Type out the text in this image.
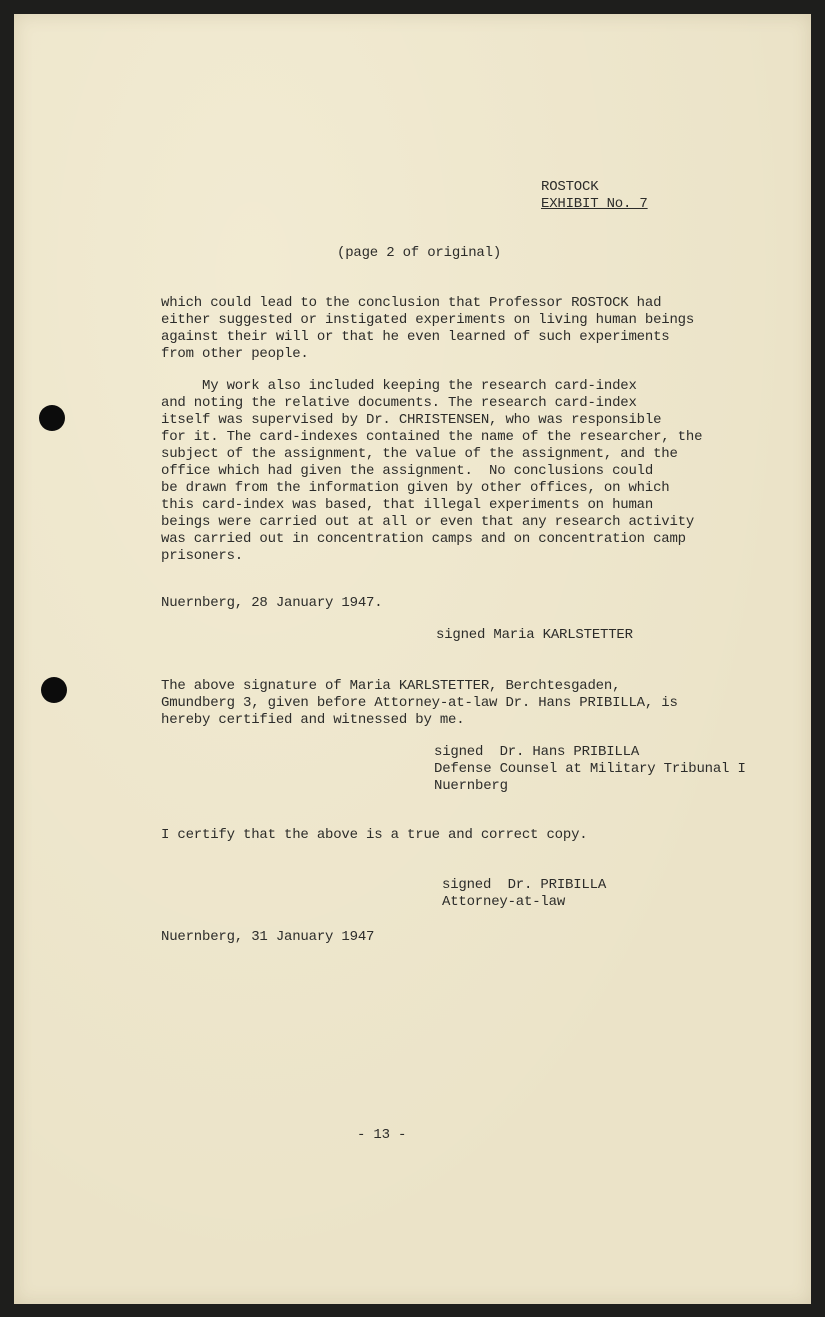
ROSTOCK
EXHIBIT No. 7
(page 2 of original)
which could lead to the conclusion that Professor ROSTOCK had
either suggested or instigated experiments on living human beings
against their will or that he even learned of such experiments
from other people.
My work also included keeping the research card-index
and noting the relative documents. The research card-index
itself was supervised by Dr. CHRISTENSEN, who was responsible
for it. The card-indexes contained the name of the researcher, the
subject of the assignment, the value of the assignment, and the
office which had given the assignment.  No conclusions could
be drawn from the information given by other offices, on which
this card-index was based, that illegal experiments on human
beings were carried out at all or even that any research activity
was carried out in concentration camps and on concentration camp
prisoners.
Nuernberg, 28 January 1947.
signed Maria KARLSTETTER
The above signature of Maria KARLSTETTER, Berchtesgaden,
Gmundberg 3, given before Attorney-at-law Dr. Hans PRIBILLA, is
hereby certified and witnessed by me.
signed  Dr. Hans PRIBILLA
Defense Counsel at Military Tribunal I
Nuernberg
I certify that the above is a true and correct copy.
signed  Dr. PRIBILLA
Attorney-at-law
Nuernberg, 31 January 1947
- 13 -
